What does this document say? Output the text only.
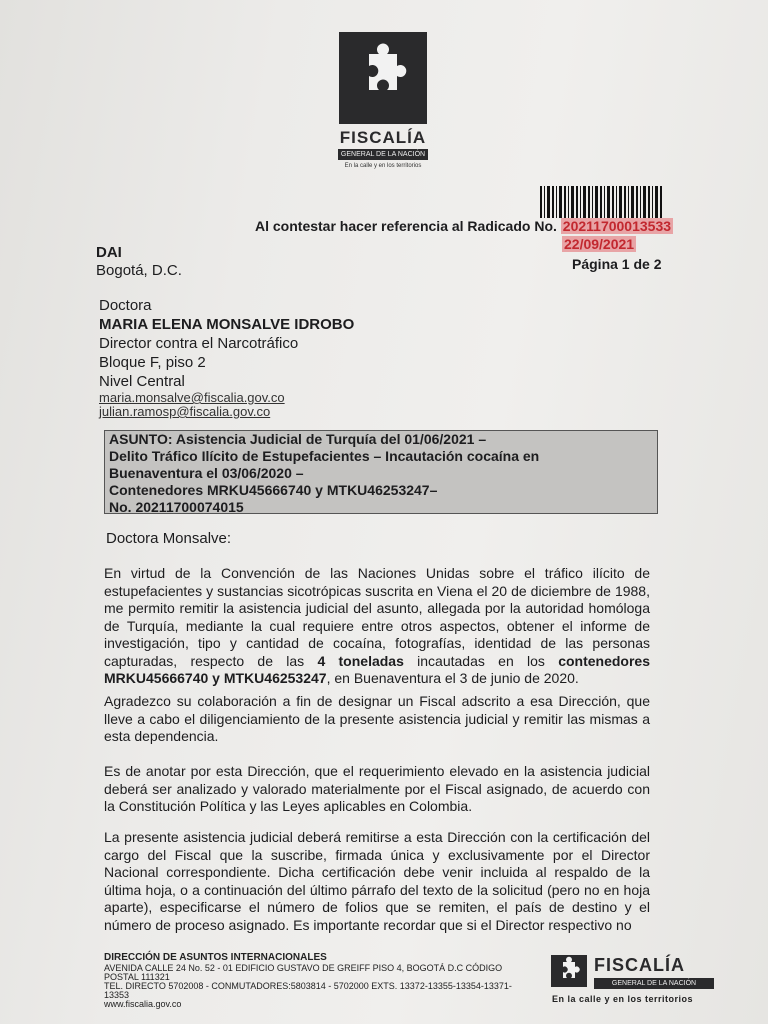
FISCALÍA
GENERAL DE LA NACIÓN
En la calle y en los territorios
Al contestar hacer referencia al Radicado No. 20211700013533
22/09/2021
Página 1 de 2
DAI
Bogotá, D.C.
Doctora
MARIA ELENA MONSALVE IDROBO
Director contra el Narcotráfico
Bloque F, piso 2
Nivel Central
maria.monsalve@fiscalia.gov.co
julian.ramosp@fiscalia.gov.co
ASUNTO: Asistencia Judicial de Turquía del 01/06/2021 –
Delito Tráfico Ilícito de Estupefacientes – Incautación cocaína en
Buenaventura el 03/06/2020 –
Contenedores MRKU45666740 y MTKU46253247–
No. 20211700074015
Doctora Monsalve:
En virtud de la Convención de las Naciones Unidas sobre el tráfico ilícito de estupefacientes y sustancias sicotrópicas suscrita en Viena el 20 de diciembre de 1988, me permito remitir la asistencia judicial del asunto, allegada por la autoridad homóloga de Turquía, mediante la cual requiere entre otros aspectos, obtener el informe de investigación, tipo y cantidad de cocaína, fotografías, identidad de las personas capturadas, respecto de las 4 toneladas incautadas en los contenedores MRKU45666740 y MTKU46253247, en Buenaventura el 3 de junio de 2020.
Agradezco su colaboración a fin de designar un Fiscal adscrito a esa Dirección, que lleve a cabo el diligenciamiento de la presente asistencia judicial y remitir las mismas a esta dependencia.
Es de anotar por esta Dirección, que el requerimiento elevado en la asistencia judicial deberá ser analizado y valorado materialmente por el Fiscal asignado, de acuerdo con la Constitución Política y las Leyes aplicables en Colombia.
La presente asistencia judicial deberá remitirse a esta Dirección con la certificación del cargo del Fiscal que la suscribe, firmada única y exclusivamente por el Director Nacional correspondiente. Dicha certificación debe venir incluida al respaldo de la última hoja, o a continuación del último párrafo del texto de la solicitud (pero no en hoja aparte), especificarse el número de folios que se remiten, el país de destino y el número de proceso asignado. Es importante recordar que si el Director respectivo no
DIRECCIÓN DE ASUNTOS INTERNACIONALES
AVENIDA CALLE 24 No. 52 - 01 EDIFICIO GUSTAVO DE GREIFF PISO 4, BOGOTÁ D.C CÓDIGO POSTAL 111321
TEL. DIRECTO 5702008 - CONMUTADORES:5803814 - 5702000 EXTS. 13372-13355-13354-13371-13353
www.fiscalia.gov.co
FISCALÍA
GENERAL DE LA NACIÓN
En la calle y en los territorios
